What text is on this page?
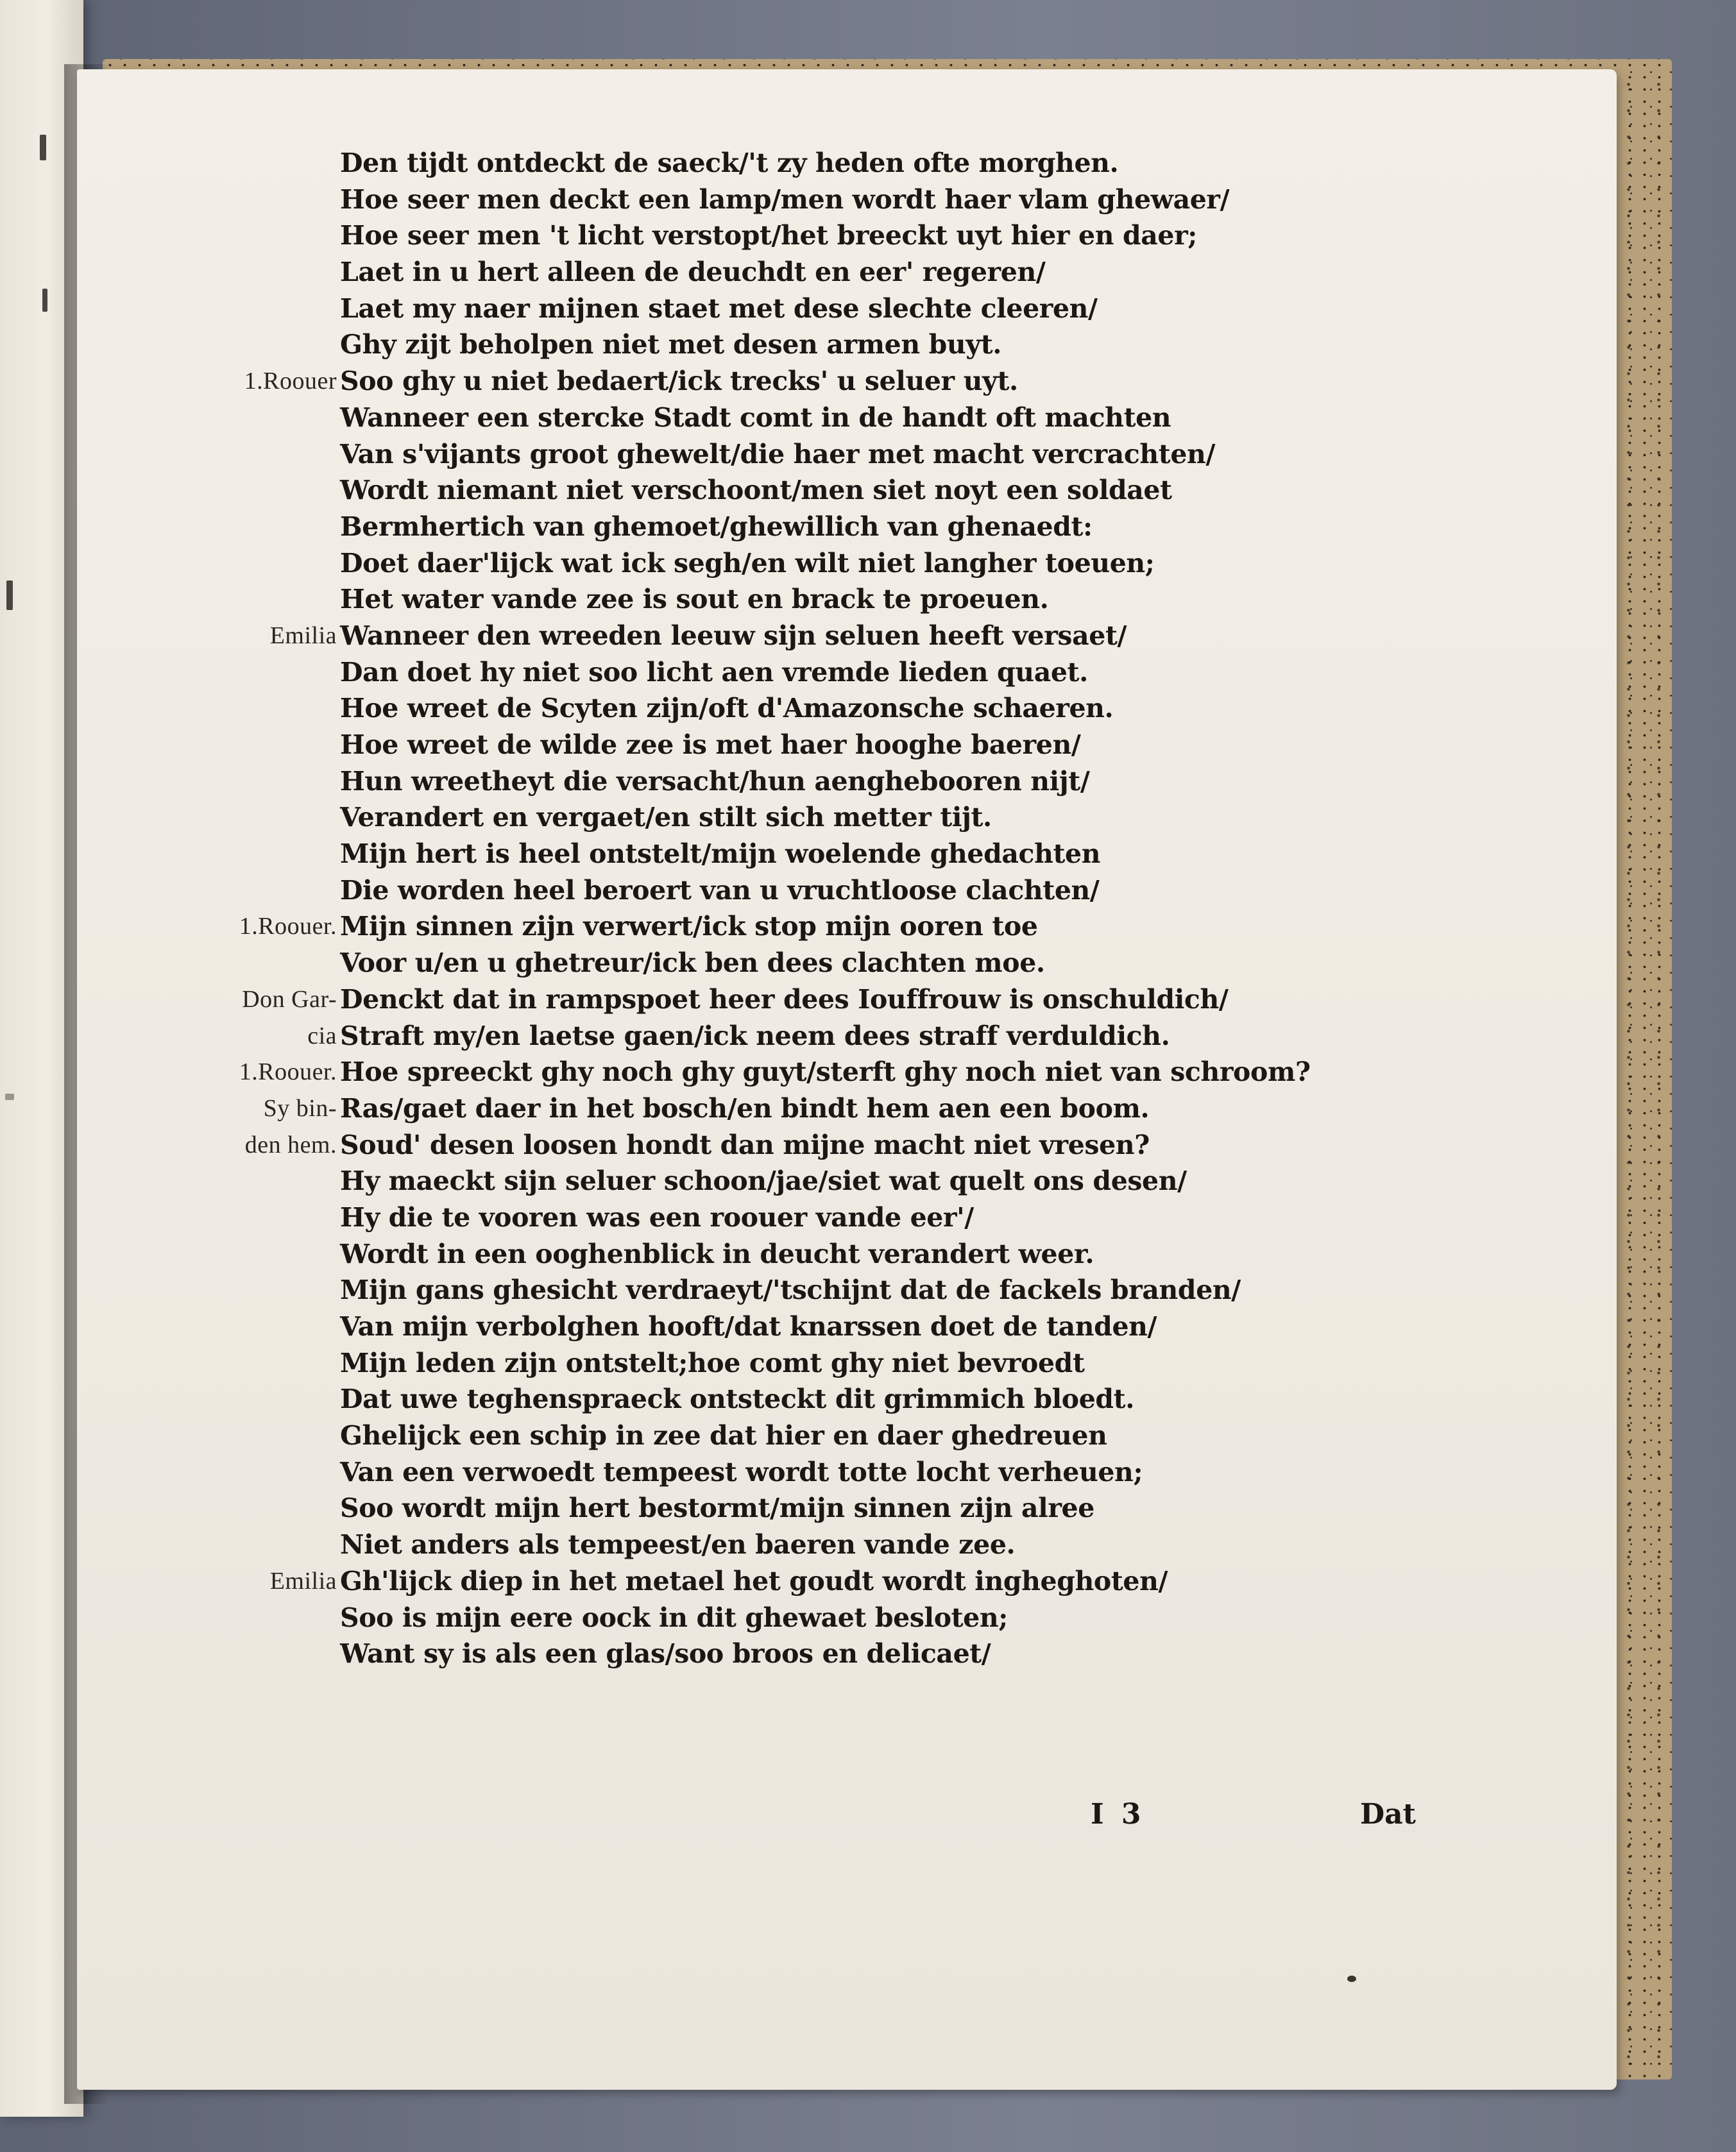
Den tijdt ontdeckt de saeck/'t zy heden ofte morghen.
Hoe seer men deckt een lamp/men wordt haer vlam ghewaer/
Hoe seer men 't licht verstopt/het breeckt uyt hier en daer;
Laet in u hert alleen de deuchdt en eer' regeren/
Laet my naer mijnen staet met dese slechte cleeren/
Ghy zijt beholpen niet met desen armen buyt.
1.Roouer Soo ghy u niet bedaert/ick trecks' u seluer uyt.
Wanneer een stercke Stadt comt in de handt oft machten
Van s'vijants groot ghewelt/die haer met macht vercrachten/
Wordt niemant niet verschoont/men siet noyt een soldaet
Bermhertich van ghemoet/ghewillich van ghenaedt:
Doet daer'lijck wat ick segh/en wilt niet langher toeuen;
Het water vande zee is sout en brack te proeuen.
Emilia Wanneer den wreeden leeuw sijn seluen heeft versaet/
Dan doet hy niet soo licht aen vremde lieden quaet.
Hoe wreet de Scyten zijn/oft d'Amazonsche schaeren.
Hoe wreet de wilde zee is met haer hooghe baeren/
Hun wreetheyt die versacht/hun aenghebooren nijt/
Verandert en vergaet/en stilt sich metter tijt.
Mijn hert is heel ontstelt/mijn woelende ghedachten
Die worden heel beroert van u vruchtloose clachten/
1.Roouer. Mijn sinnen zijn verwert/ick stop mijn ooren toe
Voor u/en u ghetreur/ick ben dees clachten moe.
Don Gar- Denckt dat in rampspoet heer dees Iouffrouw is onschuldich/
cia Straft my/en laetse gaen/ick neem dees straff verduldich.
1.Roouer. Hoe spreeckt ghy noch ghy guyt/sterft ghy noch niet van schroom?
Sy bin- Ras/gaet daer in het bosch/en bindt hem aen een boom.
den hem. Soud' desen loosen hondt dan mijne macht niet vresen?
Hy maeckt sijn seluer schoon/jae/siet wat quelt ons desen/
Hy die te vooren was een roouer vande eer'/
Wordt in een ooghenblick in deucht verandert weer.
Mijn gans ghesicht verdraeyt/'tschijnt dat de fackels branden/
Van mijn verbolghen hooft/dat knarssen doet de tanden/
Mijn leden zijn ontstelt;hoe comt ghy niet bevroedt
Dat uwe teghenspraeck ontsteckt dit grimmich bloedt.
Ghelijck een schip in zee dat hier en daer ghedreuen
Van een verwoedt tempeest wordt totte locht verheuen;
Soo wordt mijn hert bestormt/mijn sinnen zijn alree
Niet anders als tempeest/en baeren vande zee.
Emilia Gh'lijck diep in het metael het goudt wordt ingheghoten/
Soo is mijn eere oock in dit ghewaet besloten;
Want sy is als een glas/soo broos en delicaet/
I 3	Dat
